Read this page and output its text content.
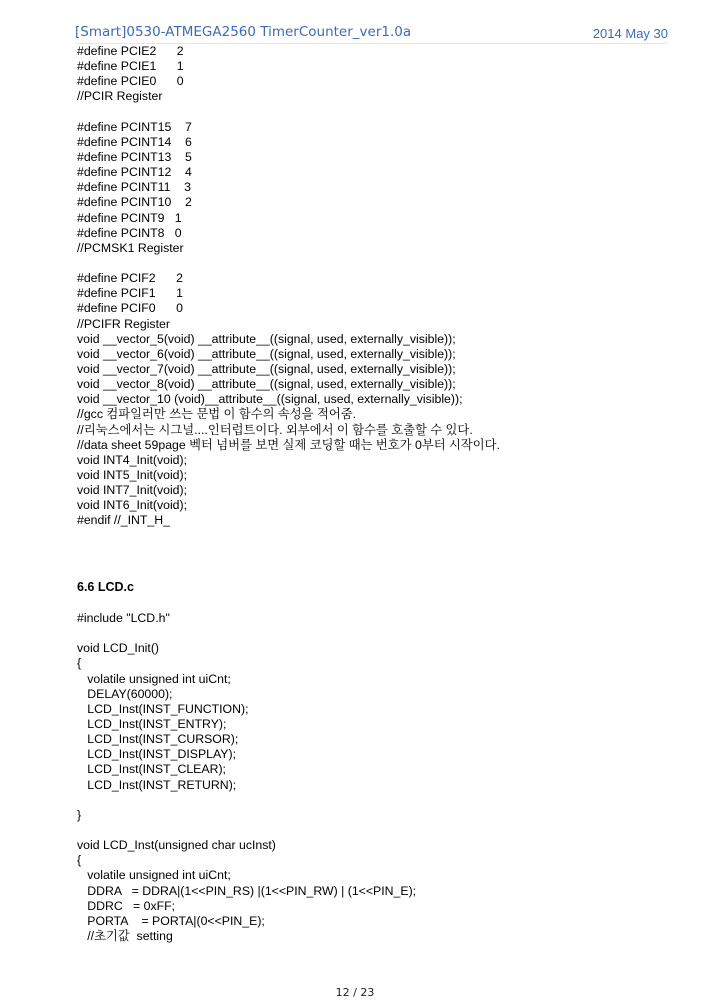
[Smart]0530-ATMEGA2560 TimerCounter_ver1.0a	2014 May 30
#define PCIE2      2
#define PCIE1      1
#define PCIE0      0
//PCIR Register
#define PCINT15    7
#define PCINT14    6
#define PCINT13    5
#define PCINT12    4
#define PCINT11    3
#define PCINT10    2
#define PCINT9   1
#define PCINT8   0
//PCMSK1 Register
#define PCIF2      2
#define PCIF1      1
#define PCIF0      0
//PCIFR Register
void __vector_5(void) __attribute__((signal, used, externally_visible));
void __vector_6(void) __attribute__((signal, used, externally_visible));
void __vector_7(void) __attribute__((signal, used, externally_visible));
void __vector_8(void) __attribute__((signal, used, externally_visible));
void __vector_10 (void)__attribute__((signal, used, externally_visible));
//gcc 컴파일러만 쓰는 문법 이 함수의 속성을 적어줌.
//리눅스에서는 시그널....인터럽트이다. 외부에서 이 함수를 호출할 수 있다.
//data sheet 59page 벡터 넘버를 보면 실제 코딩할 때는 번호가 0부터 시작이다.
void INT4_Init(void);
void INT5_Init(void);
void INT7_Init(void);
void INT6_Init(void);
#endif //_INT_H_
6.6 LCD.c
#include "LCD.h"
void LCD_Init()
{
volatile unsigned int uiCnt;
DELAY(60000);
LCD_Inst(INST_FUNCTION);
LCD_Inst(INST_ENTRY);
LCD_Inst(INST_CURSOR);
LCD_Inst(INST_DISPLAY);
LCD_Inst(INST_CLEAR);
LCD_Inst(INST_RETURN);
}
void LCD_Inst(unsigned char ucInst)
{
volatile unsigned int uiCnt;
DDRA   = DDRA|(1<<PIN_RS) |(1<<PIN_RW) | (1<<PIN_E);
DDRC   = 0xFF;
PORTA    = PORTA|(0<<PIN_E);
//초기값  setting
12 / 23
